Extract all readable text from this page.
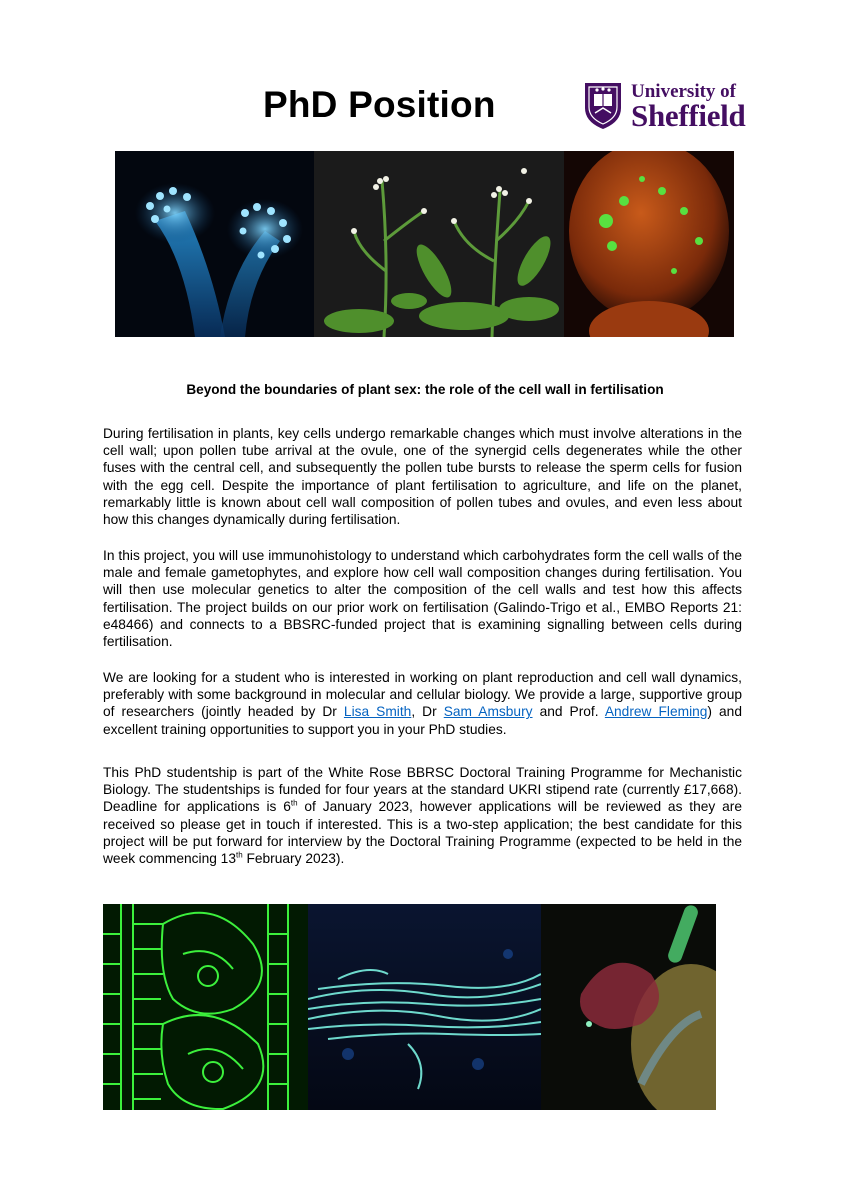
PhD Position	University of
Sheffield
Beyond the boundaries of plant sex: the role of the cell wall in fertilisation

During fertilisation in plants, key cells undergo remarkable changes which must involve alterations in the cell wall; upon pollen tube arrival at the ovule, one of the synergid cells degenerates while the other fuses with the central cell, and subsequently the pollen tube bursts to release the sperm cells for fusion with the egg cell. Despite the importance of plant fertilisation to agriculture, and life on the planet, remarkably little is known about cell wall composition of pollen tubes and ovules, and even less about how this changes dynamically during fertilisation.

In this project, you will use immunohistology to understand which carbohydrates form the cell walls of the male and female gametophytes, and explore how cell wall composition changes during fertilisation. You will then use molecular genetics to alter the composition of the cell walls and test how this affects fertilisation. The project builds on our prior work on fertilisation (Galindo-Trigo et al., EMBO Reports 21: e48466) and connects to a BBSRC-funded project that is examining signalling between cells during fertilisation.

We are looking for a student who is interested in working on plant reproduction and cell wall dynamics, preferably with some background in molecular and cellular biology. We provide a large, supportive group of researchers (jointly headed by Dr Lisa Smith, Dr Sam Amsbury and Prof. Andrew Fleming) and excellent training opportunities to support you in your PhD studies.

This PhD studentship is part of the White Rose BBRSC Doctoral Training Programme for Mechanistic Biology. The studentships is funded for four years at the standard UKRI stipend rate (currently £17,668). Deadline for applications is 6th of January 2023, however applications will be reviewed as they are received so please get in touch if interested. This is a two-step application; the best candidate for this project will be put forward for interview by the Doctoral Training Programme (expected to be held in the week commencing 13th February 2023).
